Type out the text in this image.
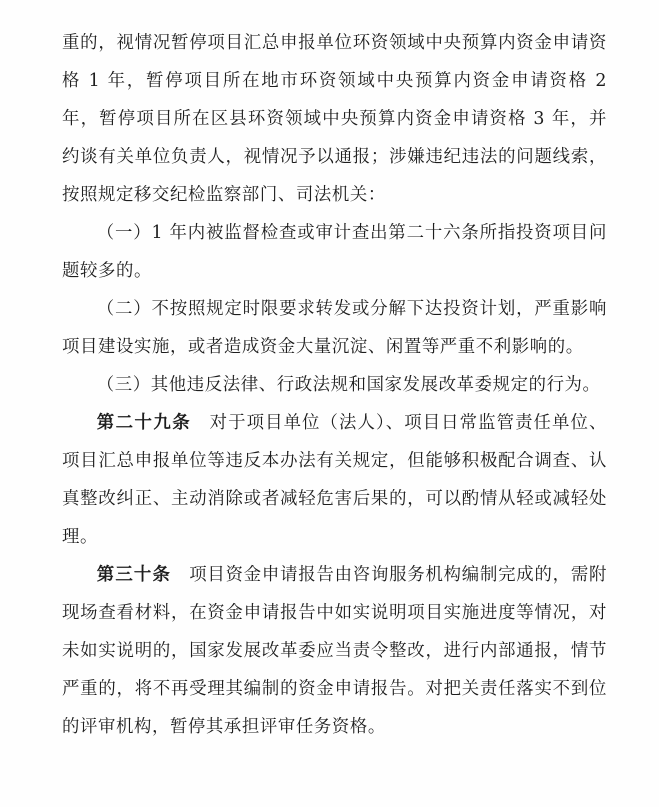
重的，视情况暂停项目汇总申报单位环资领域中央预算内资金申请资格 1 年，暂停项目所在地市环资领域中央预算内资金申请资格 2 年，暂停项目所在区县环资领域中央预算内资金申请资格 3 年，并约谈有关单位负责人，视情况予以通报；涉嫌违纪违法的问题线索，按照规定移交纪检监察部门、司法机关：

（一）1 年内被监督检查或审计查出第二十六条所指投资项目问题较多的。

（二）不按照规定时限要求转发或分解下达投资计划，严重影响项目建设实施，或者造成资金大量沉淀、闲置等严重不利影响的。

（三）其他违反法律、行政法规和国家发展改革委规定的行为。

第二十九条　对于项目单位（法人）、项目日常监管责任单位、项目汇总申报单位等违反本办法有关规定，但能够积极配合调查、认真整改纠正、主动消除或者减轻危害后果的，可以酌情从轻或减轻处理。

第三十条　项目资金申请报告由咨询服务机构编制完成的，需附现场查看材料，在资金申请报告中如实说明项目实施进度等情况，对未如实说明的，国家发展改革委应当责令整改，进行内部通报，情节严重的，将不再受理其编制的资金申请报告。对把关责任落实不到位的评审机构，暂停其承担评审任务资格。
